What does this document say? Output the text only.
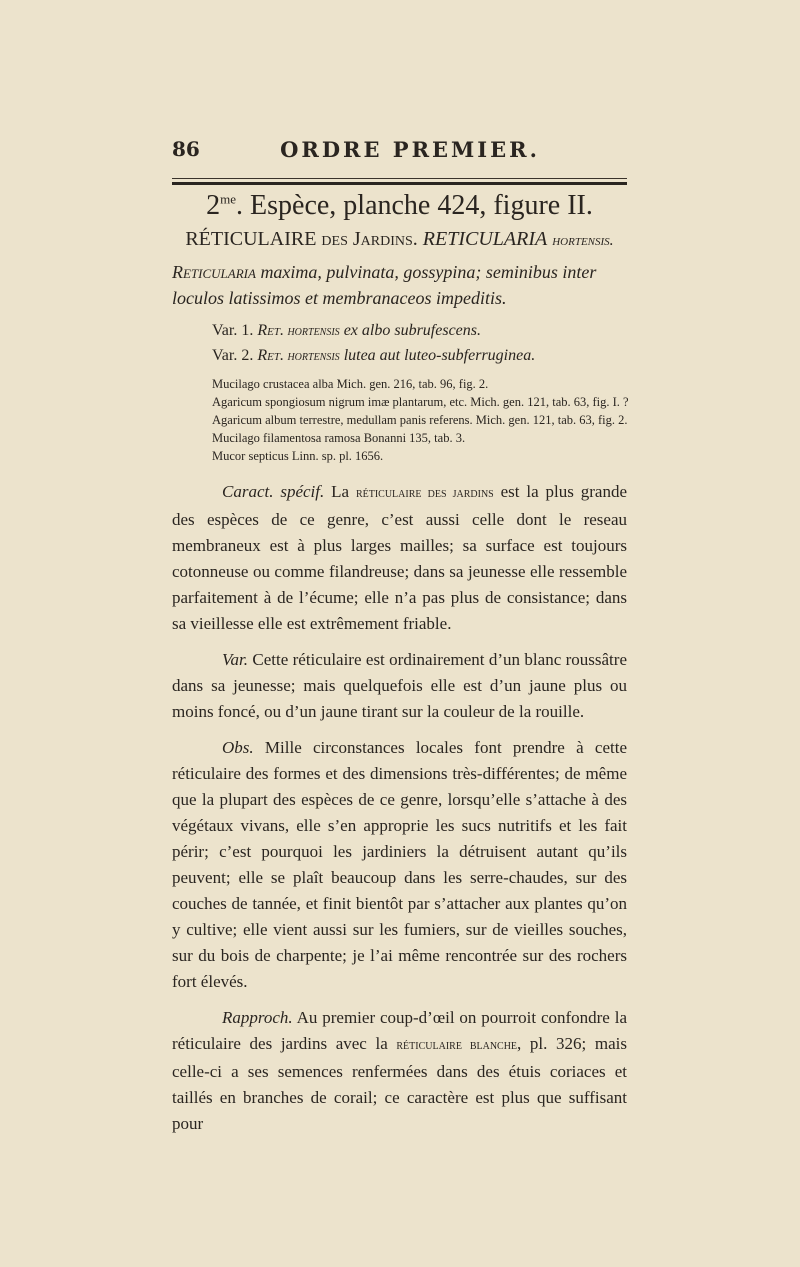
86	ORDRE PREMIER.
$2^{me}$. Espèce, planche 424, figure II.
RÉTICULAIRE des Jardins. RETICULARIA hortensis.

Reticularia maxima, pulvinata, gossypina; seminibus inter loculos latissimos et membranaceos impeditis.

Var. 1. Ret. hortensis ex albo subrufescens.
Var. 2. Ret. hortensis lutea aut luteo-subferruginea.
Mucilago crustacea alba Mich. gen. 216, tab. 96, fig. 2.
Agaricum spongiosum nigrum imæ plantarum, etc. Mich. gen. 121, tab. 63, fig. I. ?
Agaricum album terrestre, medullam panis referens. Mich. gen. 121, tab. 63, fig. 2.
Mucilago filamentosa ramosa Bonanni 135, tab. 3.
Mucor septicus Linn. sp. pl. 1656.

Caract. spécif. La réticulaire des jardins est la plus grande des espèces de ce genre, c’est aussi celle dont le reseau membraneux est à plus larges mailles; sa surface est toujours cotonneuse ou comme filandreuse; dans sa jeunesse elle ressemble parfaitement à de l’écume; elle n’a pas plus de consistance; dans sa vieillesse elle est extrêmement friable.

Var. Cette réticulaire est ordinairement d’un blanc roussâtre dans sa jeunesse; mais quelquefois elle est d’un jaune plus ou moins foncé, ou d’un jaune tirant sur la couleur de la rouille.

Obs. Mille circonstances locales font prendre à cette réticulaire des formes et des dimensions très-différentes; de même que la plupart des espèces de ce genre, lorsqu’elle s’attache à des végétaux vivans, elle s’en approprie les sucs nutritifs et les fait périr; c’est pourquoi les jardiniers la détruisent autant qu’ils peuvent; elle se plaît beaucoup dans les serre-chaudes, sur des couches de tannée, et finit bientôt par s’attacher aux plantes qu’on y cultive; elle vient aussi sur les fumiers, sur de vieilles souches, sur du bois de charpente; je l’ai même rencontrée sur des rochers fort élevés.

Rapproch. Au premier coup-d’œil on pourroit confondre la réticulaire des jardins avec la réticulaire blanche, pl. 326; mais celle-ci a ses semences renfermées dans des étuis coriaces et taillés en branches de corail; ce caractère est plus que suffisant pour
